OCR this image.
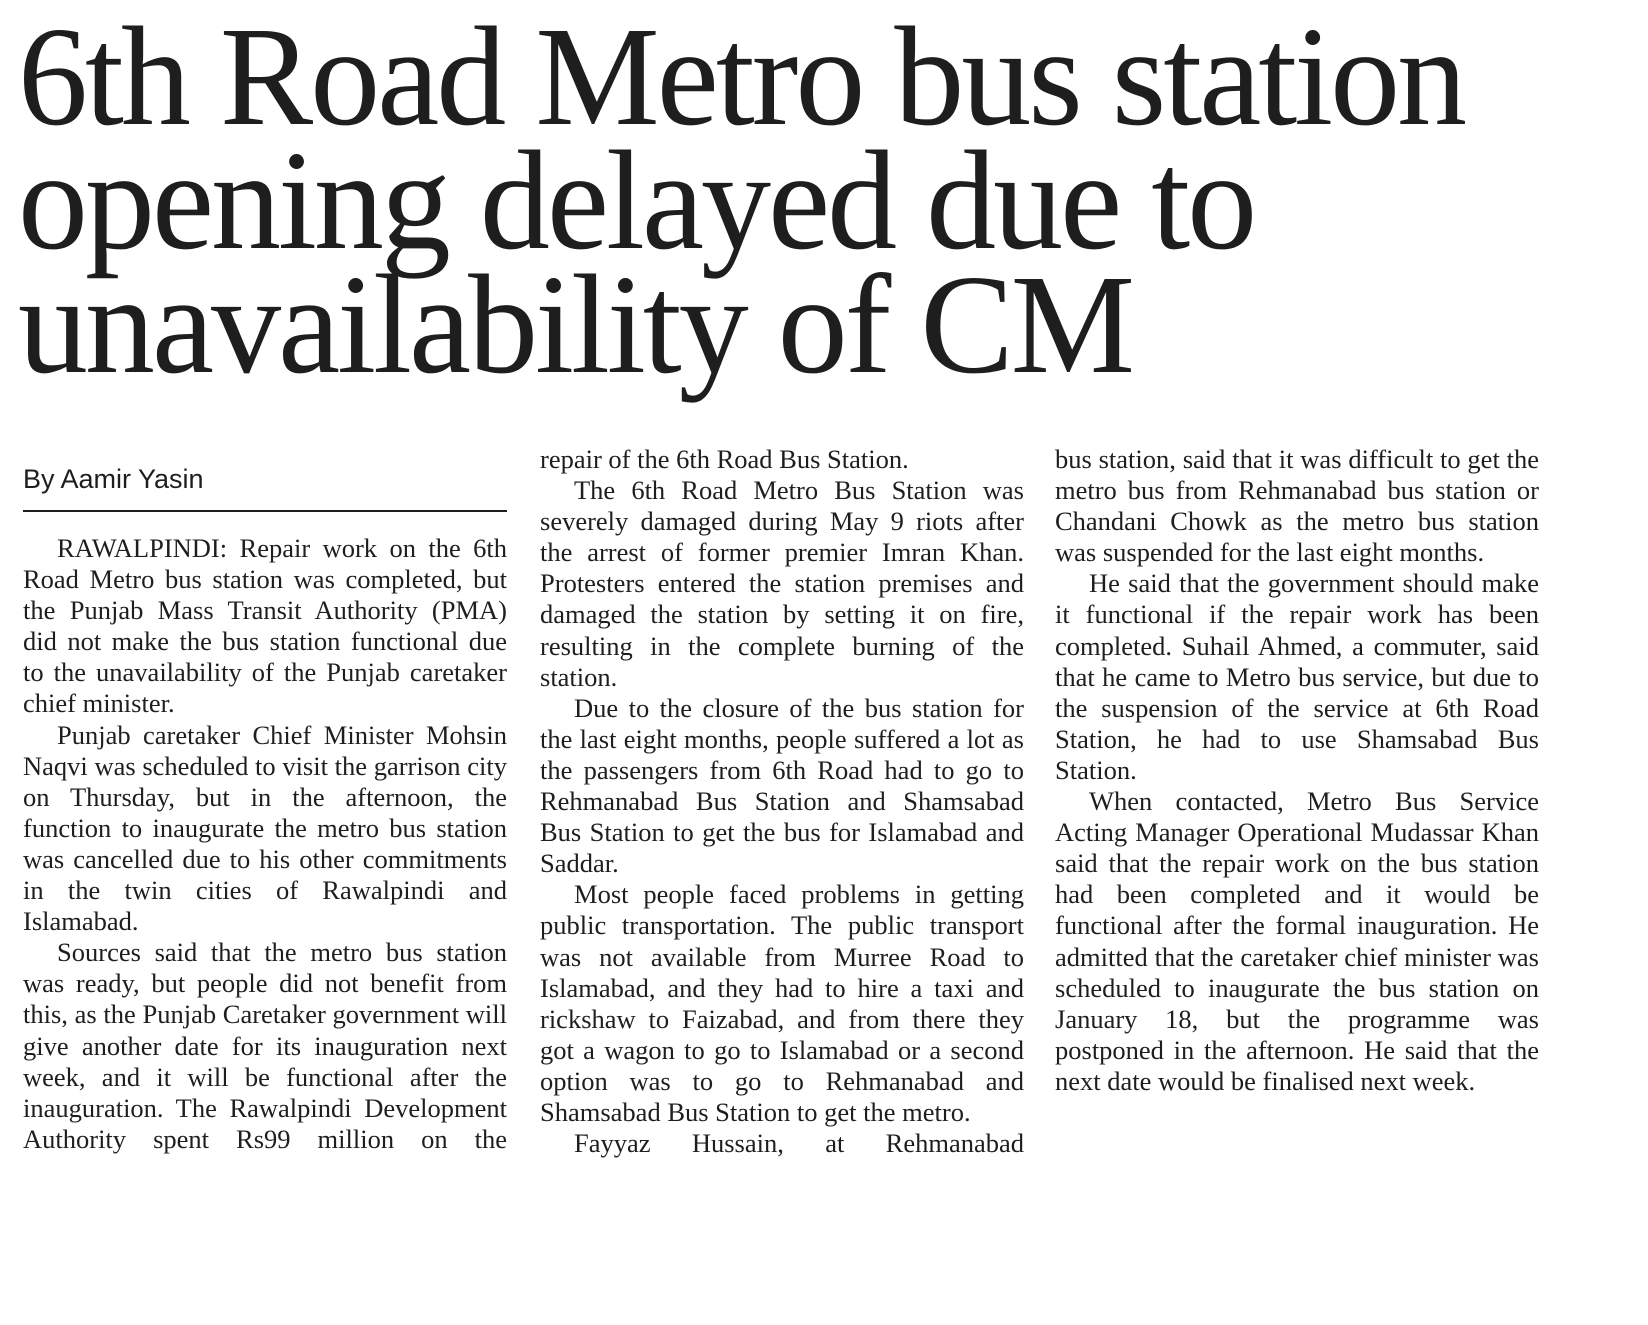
6th Road Metro bus station
opening delayed due to
unavailability of CM
By Aamir Yasin

RAWALPINDI: Repair work on the 6th Road Metro bus station was completed, but the Punjab Mass Transit Authority (PMA) did not make the bus station functional due to the unavailability of the Punjab caretaker chief minister.

Punjab caretaker Chief Minister Mohsin Naqvi was scheduled to visit the garrison city on Thursday, but in the afternoon, the function to inaugurate the metro bus station was cancelled due to his other commitments in the twin cities of Rawalpindi and Islamabad.

Sources said that the metro bus station was ready, but people did not benefit from this, as the Punjab Caretaker government will give another date for its inauguration next week, and it will be functional after the inauguration. The Rawalpindi Development Authority spent Rs99 million on the

repair of the 6th Road Bus Station.

The 6th Road Metro Bus Station was severely damaged during May 9 riots after the arrest of former premier Imran Khan. Protesters entered the station premises and damaged the station by setting it on fire, resulting in the complete burning of the station.

Due to the closure of the bus station for the last eight months, people suffered a lot as the passengers from 6th Road had to go to Rehmanabad Bus Station and Shamsabad Bus Station to get the bus for Islamabad and Saddar.

Most people faced problems in getting public transportation. The public transport was not available from Murree Road to Islamabad, and they had to hire a taxi and rickshaw to Faizabad, and from there they got a wagon to go to Islamabad or a second option was to go to Rehmanabad and Shamsabad Bus Station to get the metro.

Fayyaz Hussain, at Rehmanabad

bus station, said that it was difficult to get the metro bus from Rehmanabad bus station or Chandani Chowk as the metro bus station was suspended for the last eight months.

He said that the government should make it functional if the repair work has been completed. Suhail Ahmed, a commuter, said that he came to Metro bus service, but due to the suspension of the service at 6th Road Station, he had to use Shamsabad Bus Station.

When contacted, Metro Bus Service Acting Manager Operational Mudassar Khan said that the repair work on the bus station had been completed and it would be functional after the formal inauguration. He admitted that the caretaker chief minister was scheduled to inaugurate the bus station on January 18, but the programme was postponed in the afternoon. He said that the next date would be finalised next week.
